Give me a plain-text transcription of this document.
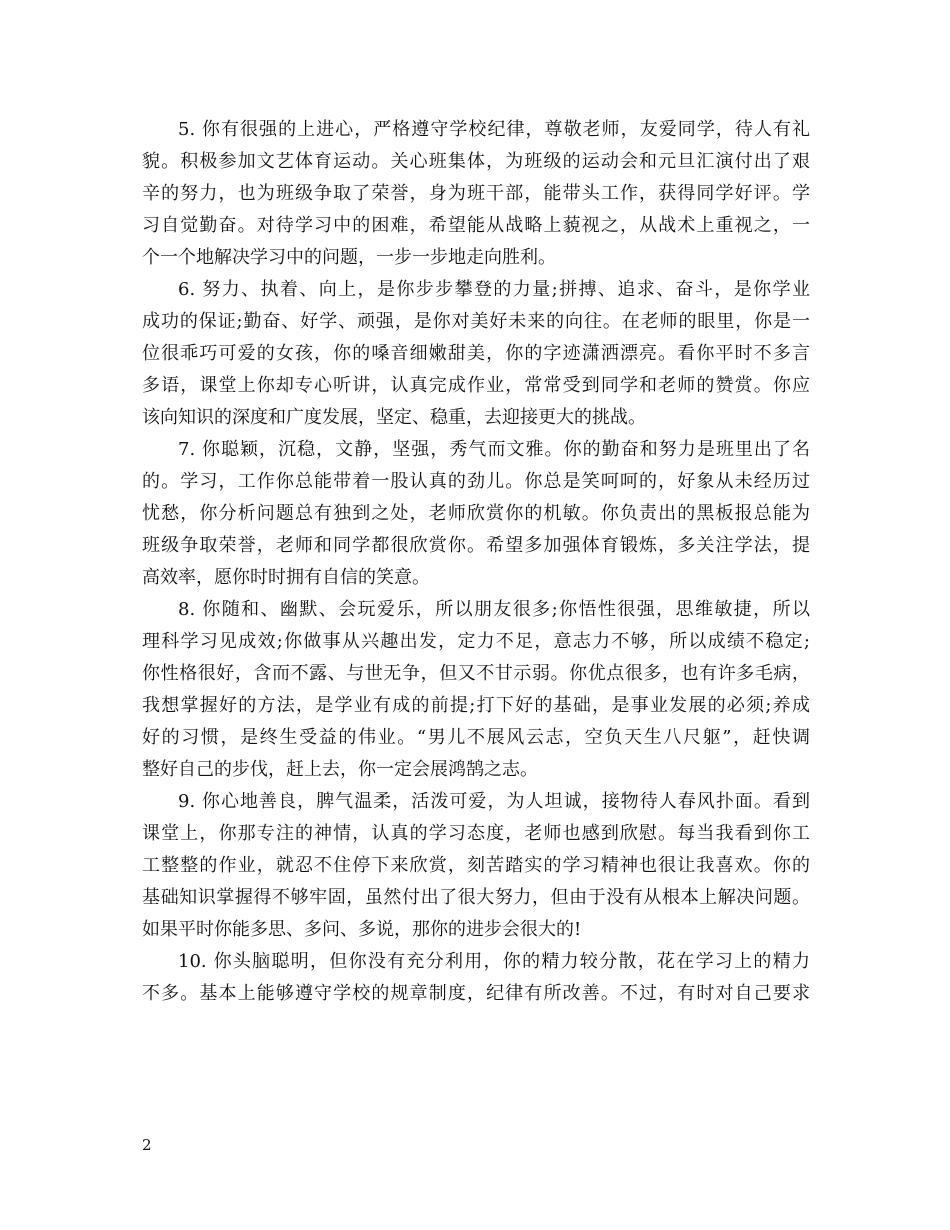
5. 你有很强的上进心，严格遵守学校纪律，尊敬老师，友爱同学，待人有礼
貌。积极参加文艺体育运动。关心班集体，为班级的运动会和元旦汇演付出了艰
辛的努力，也为班级争取了荣誉，身为班干部，能带头工作，获得同学好评。学
习自觉勤奋。对待学习中的困难，希望能从战略上藐视之，从战术上重视之，一
个一个地解决学习中的问题，一步一步地走向胜利。
6. 努力、执着、向上，是你步步攀登的力量;拼搏、追求、奋斗，是你学业
成功的保证;勤奋、好学、顽强，是你对美好未来的向往。在老师的眼里，你是一
位很乖巧可爱的女孩，你的嗓音细嫩甜美，你的字迹潇洒漂亮。看你平时不多言
多语，课堂上你却专心听讲，认真完成作业，常常受到同学和老师的赞赏。你应
该向知识的深度和广度发展，坚定、稳重，去迎接更大的挑战。
7. 你聪颖，沉稳，文静，坚强，秀气而文雅。你的勤奋和努力是班里出了名
的。学习，工作你总能带着一股认真的劲儿。你总是笑呵呵的，好象从未经历过
忧愁，你分析问题总有独到之处，老师欣赏你的机敏。你负责出的黑板报总能为
班级争取荣誉，老师和同学都很欣赏你。希望多加强体育锻炼，多关注学法，提
高效率，愿你时时拥有自信的笑意。
8. 你随和、幽默、会玩爱乐，所以朋友很多;你悟性很强，思维敏捷，所以
理科学习见成效;你做事从兴趣出发，定力不足，意志力不够，所以成绩不稳定;
你性格很好，含而不露、与世无争，但又不甘示弱。你优点很多，也有许多毛病，
我想掌握好的方法，是学业有成的前提;打下好的基础，是事业发展的必须;养成
好的习惯，是终生受益的伟业。“男儿不展风云志，空负天生八尺躯”，赶快调
整好自己的步伐，赶上去，你一定会展鸿鹄之志。
9. 你心地善良，脾气温柔，活泼可爱，为人坦诚，接物待人春风扑面。看到
课堂上，你那专注的神情，认真的学习态度，老师也感到欣慰。每当我看到你工
工整整的作业，就忍不住停下来欣赏，刻苦踏实的学习精神也很让我喜欢。你的
基础知识掌握得不够牢固，虽然付出了很大努力，但由于没有从根本上解决问题。
如果平时你能多思、多问、多说，那你的进步会很大的!
10. 你头脑聪明，但你没有充分利用，你的精力较分散，花在学习上的精力
不多。基本上能够遵守学校的规章制度，纪律有所改善。不过，有时对自己要求
2
